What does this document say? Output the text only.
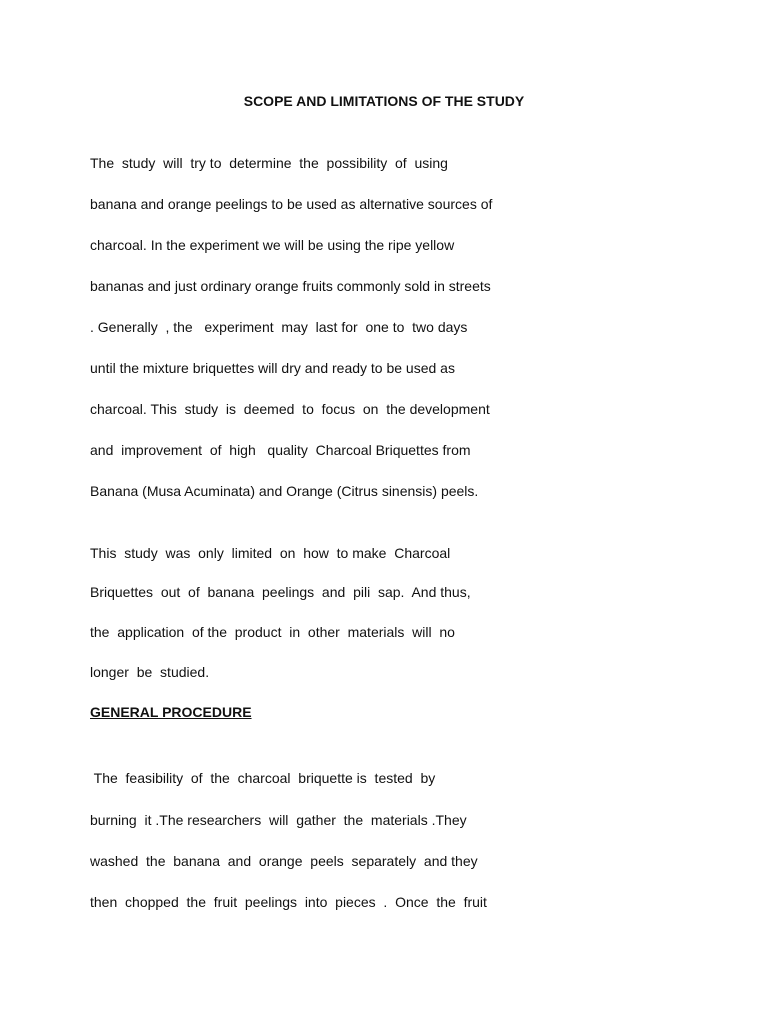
SCOPE AND LIMITATIONS OF THE STUDY
The  study  will  try to  determine  the  possibility  of  using
banana and orange peelings to be used as alternative sources of
charcoal. In the experiment we will be using the ripe yellow
bananas and just ordinary orange fruits commonly sold in streets
. Generally  , the   experiment  may  last for  one to  two days
until the mixture briquettes will dry and ready to be used as
charcoal. This  study  is  deemed  to  focus  on  the development
and  improvement  of  high   quality  Charcoal Briquettes from
Banana (Musa Acuminata) and Orange (Citrus sinensis) peels.
This  study  was  only  limited  on  how  to make  Charcoal
Briquettes  out  of  banana  peelings  and  pili  sap.  And thus,
the  application  of the  product  in  other  materials  will  no
longer  be  studied.
GENERAL PROCEDURE
The  feasibility  of  the  charcoal  briquette is  tested  by
burning  it .The researchers  will  gather  the  materials .They
washed  the  banana  and  orange  peels  separately  and they
then  chopped  the  fruit  peelings  into  pieces  .  Once  the  fruit
